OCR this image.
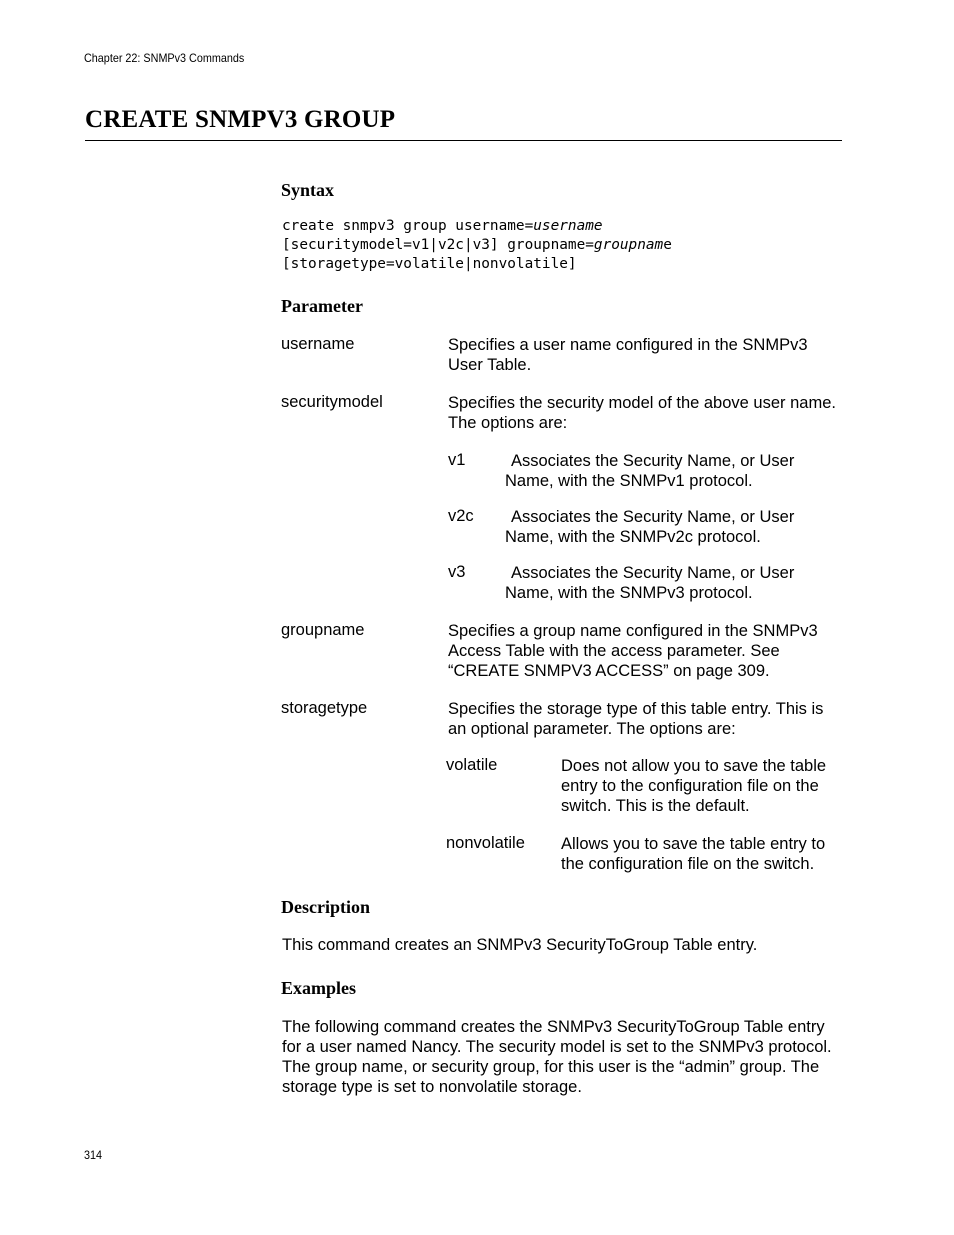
Chapter 22: SNMPv3 Commands
CREATE SNMPV3 GROUP
Syntax
create snmpv3 group username=username
[securitymodel=v1|v2c|v3] groupname=groupname
[storagetype=volatile|nonvolatile]
Parameter
username	Specifies a user name configured in the SNMPv3 User Table.
securitymodel	Specifies the security model of the above user name. The options are:
v1	Associates the Security Name, or User
Name, with the SNMPv1 protocol.
v2c Associates the Security Name, or User
Name, with the SNMPv2c protocol.
v3	Associates the Security Name, or User
Name, with the SNMPv3 protocol.
groupname	Specifies a group name configured in the SNMPv3 Access Table with the access parameter. See “CREATE SNMPV3 ACCESS” on page 309.
storagetype	Specifies the storage type of this table entry. This is an optional parameter. The options are:
volatile	Does not allow you to save the table entry to the configuration file on the switch. This is the default.
nonvolatile Allows you to save the table entry to the configuration file on the switch.
Description
This command creates an SNMPv3 SecurityToGroup Table entry.
Examples
The following command creates the SNMPv3 SecurityToGroup Table entry for a user named Nancy. The security model is set to the SNMPv3 protocol. The group name, or security group, for this user is the “admin” group. The storage type is set to nonvolatile storage.
314
